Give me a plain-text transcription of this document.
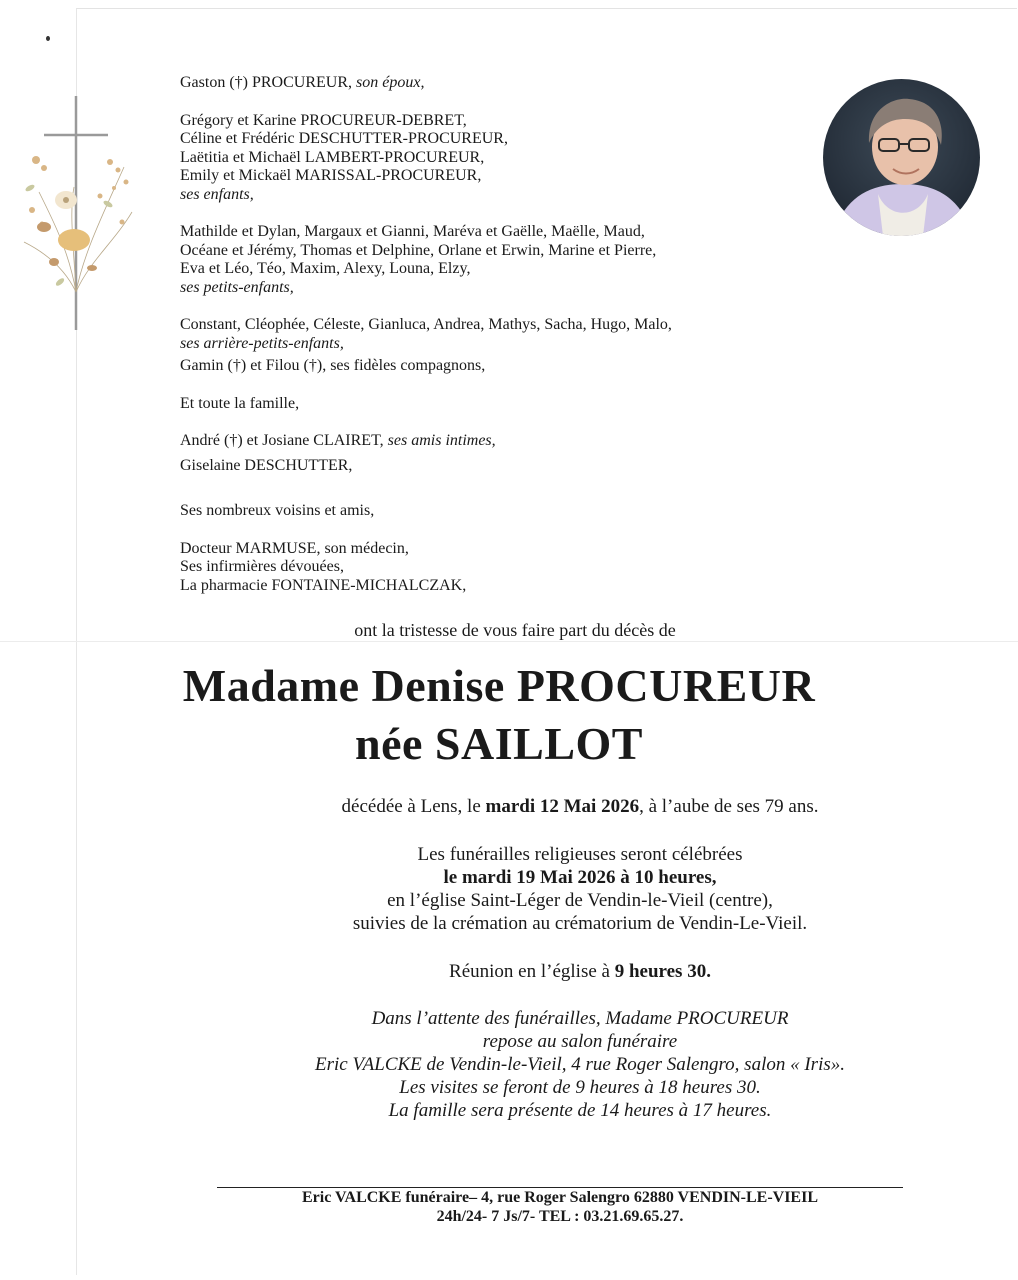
Gaston (†) PROCUREUR, son époux,
Grégory et Karine PROCUREUR-DEBRET,
Céline et Frédéric DESCHUTTER-PROCUREUR,
Laëtitia et Michaël LAMBERT-PROCUREUR,
Emily et Mickaël MARISSAL-PROCUREUR,
ses enfants,
Mathilde et Dylan, Margaux et Gianni, Maréva et Gaëlle, Maëlle, Maud,
Océane et Jérémy, Thomas et Delphine, Orlane et Erwin, Marine et Pierre,
Eva et Léo, Téo, Maxim, Alexy, Louna, Elzy,
ses petits-enfants,
Constant, Cléophée, Céleste, Gianluca, Andrea, Mathys, Sacha, Hugo, Malo,
ses arrière-petits-enfants,
Gamin (†) et Filou (†), ses fidèles compagnons,
Et toute la famille,
André (†) et Josiane CLAIRET, ses amis intimes,
Giselaine DESCHUTTER,
Ses nombreux voisins et amis,
Docteur MARMUSE, son médecin,
Ses infirmières dévouées,
La pharmacie FONTAINE-MICHALCZAK,
ont la tristesse de vous faire part du décès de
Madame Denise PROCUREUR
née SAILLOT
décédée à Lens, le mardi 12 Mai 2026, à l’aube de ses 79 ans.
Les funérailles religieuses seront célébrées
le mardi 19 Mai 2026 à 10 heures,
en l’église Saint-Léger de Vendin-le-Vieil (centre),
suivies de la crémation au crématorium de Vendin-Le-Vieil.
Réunion en l’église à 9 heures 30.
Dans l’attente des funérailles, Madame PROCUREUR
repose au salon funéraire
Eric VALCKE de Vendin-le-Vieil, 4 rue Roger Salengro, salon « Iris».
Les visites se feront de 9 heures à 18 heures 30.
La famille sera présente de 14 heures à 17 heures.
Eric VALCKE funéraire– 4, rue Roger Salengro 62880 VENDIN-LE-VIEIL
24h/24- 7 Js/7- TEL : 03.21.69.65.27.
